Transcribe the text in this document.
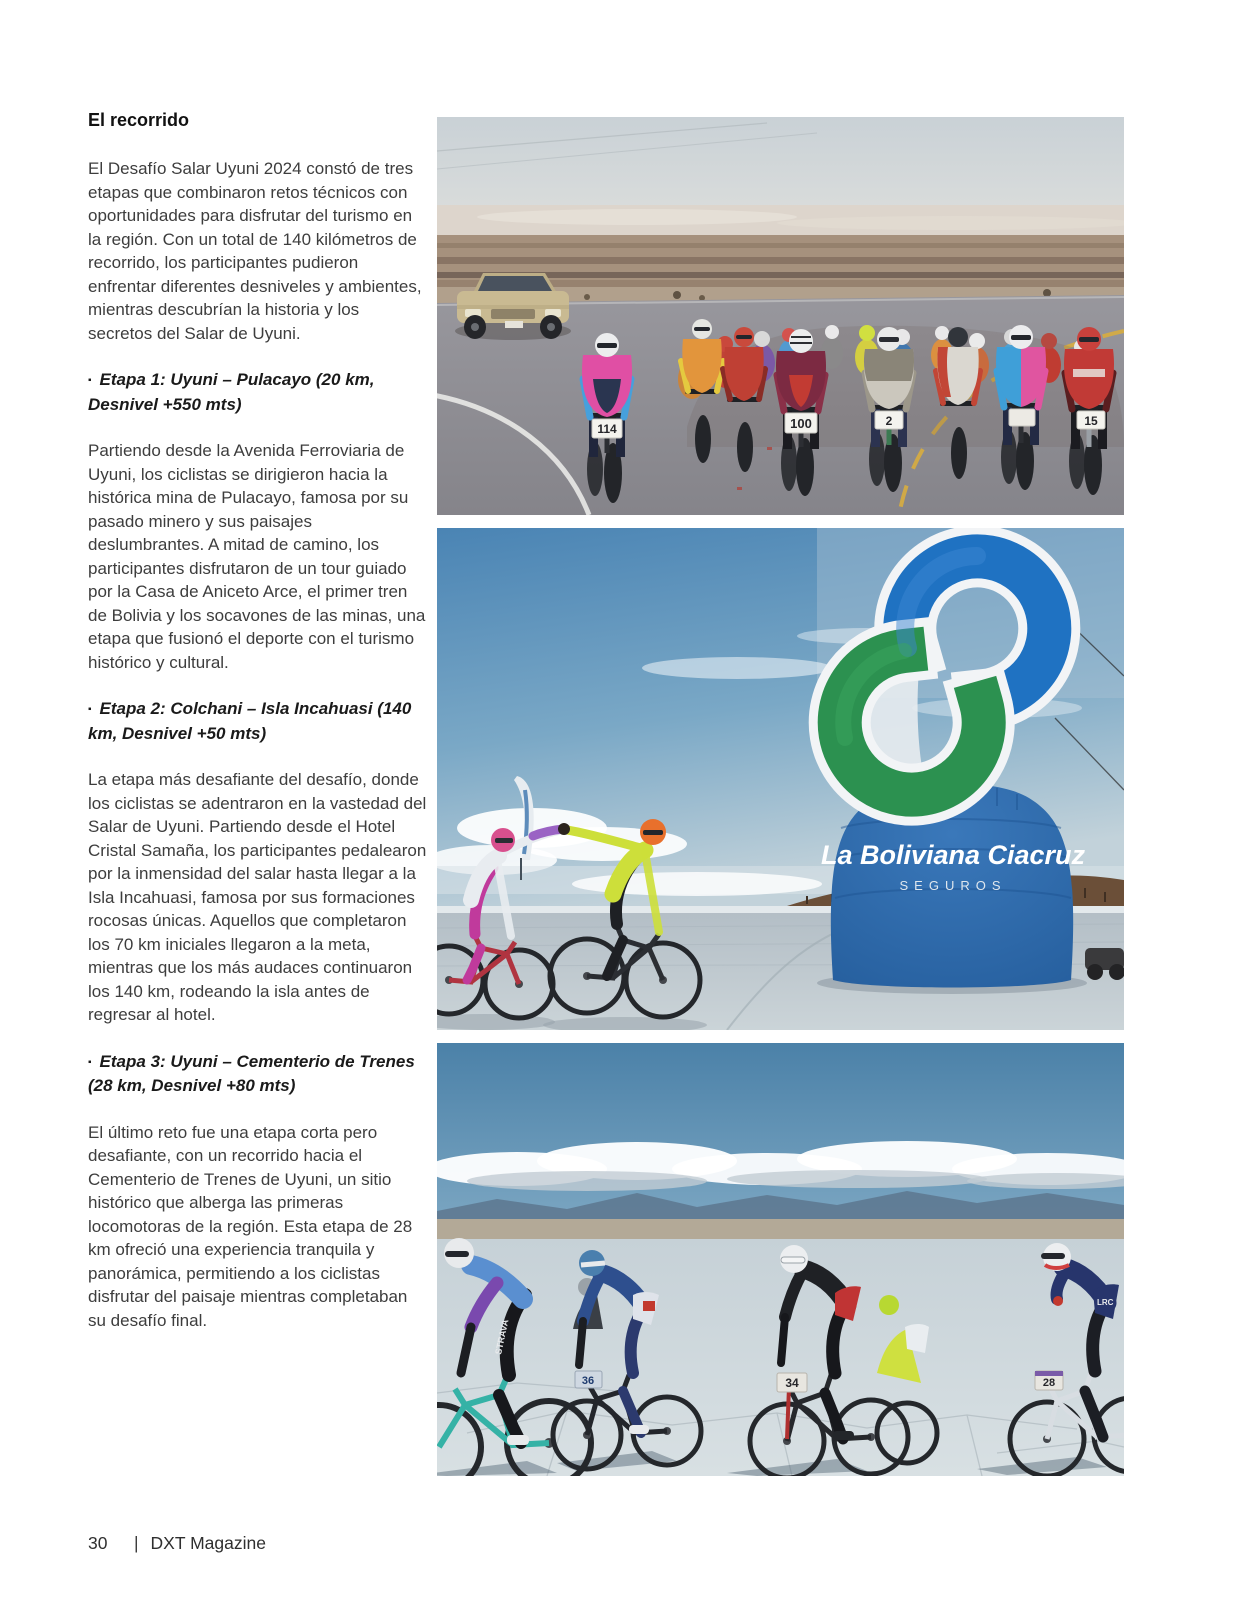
El recorrido

El Desafío Salar Uyuni 2024 constó de tres etapas que combinaron retos técnicos con oportunidades para disfrutar del turismo en la región. Con un total de 140 kilómetros de recorrido, los participantes pudieron enfrentar diferentes desniveles y ambientes, mientras descubrían la historia y los secretos del Salar de Uyuni.

▪ Etapa 1: Uyuni – Pulacayo (20 km, Desnivel +550 mts)

Partiendo desde la Avenida Ferroviaria de Uyuni, los ciclistas se dirigieron hacia la histórica mina de Pulacayo, famosa por su pasado minero y sus paisajes deslumbrantes. A mitad de camino, los participantes disfrutaron de un tour guiado por la Casa de Aniceto Arce, el primer tren de Bolivia y los socavones de las minas, una etapa que fusionó el deporte con el turismo histórico y cultural.

▪ Etapa 2: Colchani – Isla Incahuasi (140 km, Desnivel +50 mts)

La etapa más desafiante del desafío, donde los ciclistas se adentraron en la vastedad del Salar de Uyuni. Partiendo desde el Hotel Cristal Samaña, los participantes pedalearon por la inmensidad del salar hasta llegar a la Isla Incahuasi, famosa por sus formaciones rocosas únicas. Aquellos que completaron los 70 km iniciales llegaron a la meta, mientras que los más audaces continuaron los 140 km, rodeando la isla antes de regresar al hotel.

▪ Etapa 3: Uyuni – Cementerio de Trenes (28 km, Desnivel +80 mts)

El último reto fue una etapa corta pero desafiante, con un recorrido hacia el Cementerio de Trenes de Uyuni, un sitio histórico que alberga las primeras locomotoras de la región. Esta etapa de 28 km ofreció una experiencia tranquila y panorámica, permitiendo a los ciclistas disfrutar del paisaje mientras completaban su desafío final.

114	100	2	15
La Boliviana Ciacruz
SEGUROS
STRAVA
36	34
LRC
28
30 | DXT Magazine
